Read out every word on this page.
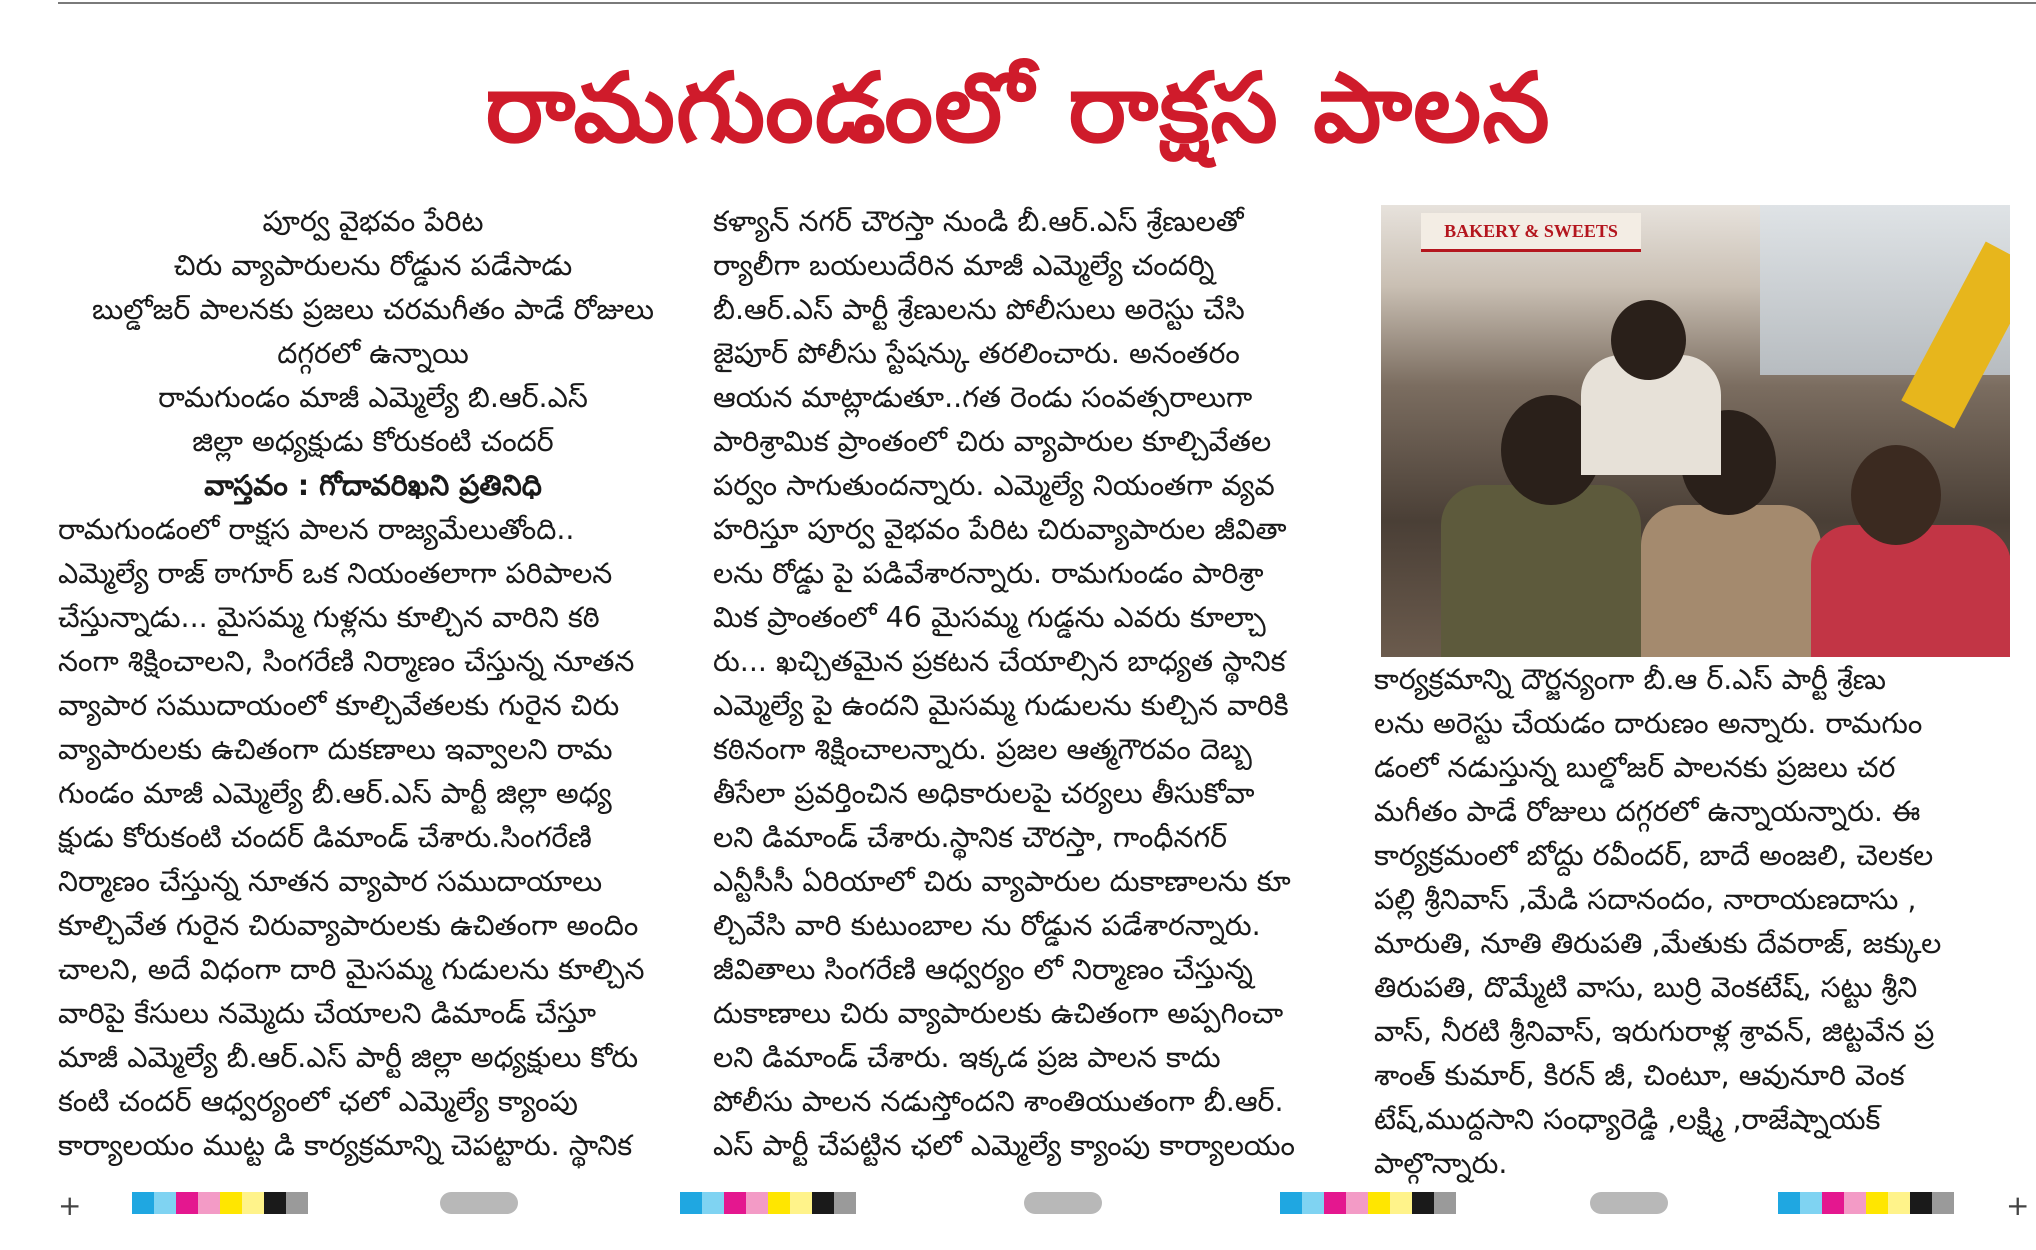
రామగుండంలో రాక్షస పాలన

పూర్వ వైభవం పేరిట

చిరు వ్యాపారులను రోడ్డున పడేసాడు

బుల్డోజర్ పాలనకు ప్రజలు చరమగీతం పాడే రోజులు

దగ్గరలో ఉన్నాయి

రామగుండం మాజీ ఎమ్మెల్యే బి.ఆర్.ఎస్

జిల్లా అధ్యక్షుడు కోరుకంటి చందర్

వాస్తవం : గోదావరిఖని ప్రతినిధి

రామగుండంలో రాక్షస పాలన రాజ్యమేలుతోంది..

ఎమ్మెల్యే రాజ్ ఠాగూర్ ఒక నియంతలాగా పరిపాలన

చేస్తున్నాడు... మైసమ్మ గుళ్లను కూల్చిన వారిని కఠి

నంగా శిక్షించాలని, సింగరేణి నిర్మాణం చేస్తున్న నూతన

వ్యాపార సముదాయంలో కూల్చివేతలకు గురైన చిరు

వ్యాపారులకు ఉచితంగా దుకణాలు ఇవ్వాలని రామ

గుండం మాజీ ఎమ్మెల్యే బీ.ఆర్.ఎస్ పార్టీ జిల్లా అధ్య

క్షుడు కోరుకంటి చందర్ డిమాండ్ చేశారు.సింగరేణి

నిర్మాణం చేస్తున్న నూతన వ్యాపార సముదాయాలు

కూల్చివేత గురైన చిరువ్యాపారులకు ఉచితంగా అందిం

చాలని, అదే విధంగా దారి మైసమ్మ గుడులను కూల్చిన

వారిపై కేసులు నమ్మెదు చేయాలని డిమాండ్ చేస్తూ

మాజీ ఎమ్మెల్యే బీ.ఆర్.ఎస్ పార్టీ జిల్లా అధ్యక్షులు కోరు

కంటి చందర్ ఆధ్వర్యంలో ఛలో ఎమ్మెల్యే క్యాంపు

కార్యాలయం ముట్ట డి కార్యక్రమాన్ని చెపట్టారు. స్థానిక

కళ్యాన్ నగర్ చౌరస్తా నుండి బీ.ఆర్.ఎస్ శ్రేణులతో

ర్యాలీగా బయలుదేరిన మాజీ ఎమ్మెల్యే చందర్ని

బీ.ఆర్.ఎస్ పార్టీ శ్రేణులను పోలీసులు అరెస్టు చేసి

జైపూర్ పోలీసు స్టేషన్కు తరలించారు. అనంతరం

ఆయన మాట్లాడుతూ..గత రెండు సంవత్సరాలుగా

పారిశ్రామిక ప్రాంతంలో చిరు వ్యాపారుల కూల్చివేతల

పర్వం సాగుతుందన్నారు. ఎమ్మెల్యే నియంతగా వ్యవ

హరిస్తూ పూర్వ వైభవం పేరిట చిరువ్యాపారుల జీవితా

లను రోడ్డు పై పడివేశారన్నారు. రామగుండం పారిశ్రా

మిక ప్రాంతంలో 46 మైసమ్మ గుడ్డను ఎవరు కూల్చా

రు... ఖచ్చితమైన ప్రకటన చేయాల్సిన బాధ్యత స్థానిక

ఎమ్మెల్యే పై ఉందని మైసమ్మ గుడులను కుల్చిన వారికి

కఠినంగా శిక్షించాలన్నారు. ప్రజల ఆత్మగౌరవం దెబ్బ

తీసేలా ప్రవర్తించిన అధికారులపై చర్యలు తీసుకోవా

లని డిమాండ్ చేశారు.స్థానిక చౌరస్తా, గాంధీనగర్

ఎన్టీసీసీ ఏరియాలో చిరు వ్యాపారుల దుకాణాలను కూ

ల్చివేసి వారి కుటుంబాల ను రోడ్డున పడేశారన్నారు.

జీవితాలు సింగరేణి ఆధ్వర్యం లో నిర్మాణం చేస్తున్న

దుకాణాలు చిరు వ్యాపారులకు ఉచితంగా అప్పగించా

లని డిమాండ్ చేశారు. ఇక్కడ ప్రజ పాలన కాదు

పోలీసు పాలన నడుస్తోందని శాంతియుతంగా బీ.ఆర్.

ఎస్ పార్టీ చేపట్టిన ఛలో ఎమ్మెల్యే క్యాంపు కార్యాలయం

BAKERY & SWEETS

కార్యక్రమాన్ని దౌర్జన్యంగా బీ.ఆ ర్.ఎస్ పార్టీ శ్రేణు

లను అరెస్టు చేయడం దారుణం అన్నారు. రామగుం

డంలో నడుస్తున్న బుల్డోజర్ పాలనకు ప్రజలు చర

మగీతం పాడే రోజులు దగ్గరలో ఉన్నాయన్నారు. ఈ

కార్యక్రమంలో బోద్దు రవీందర్, బాదే అంజలి, చెలకల

పల్లి శ్రీనివాస్ ,మేడి సదానందం, నారాయణదాసు ,

మారుతి, నూతి తిరుపతి ,మేతుకు దేవరాజ్, జక్కుల

తిరుపతి, దొమ్మేటి వాసు, బుర్రి వెంకటేష్, సట్టు శ్రీని

వాస్, నీరటి శ్రీనివాస్, ఇరుగురాళ్ల శ్రావన్, జిట్టవేన ప్ర

శాంత్ కుమార్, కిరన్ జీ, చింటూ, ఆవునూరి వెంక

టేష్,ముద్దసాని సంధ్యారెడ్డి ,లక్ష్మి ,రాజేష్నాయక్

పాల్గొన్నారు.

+	+
